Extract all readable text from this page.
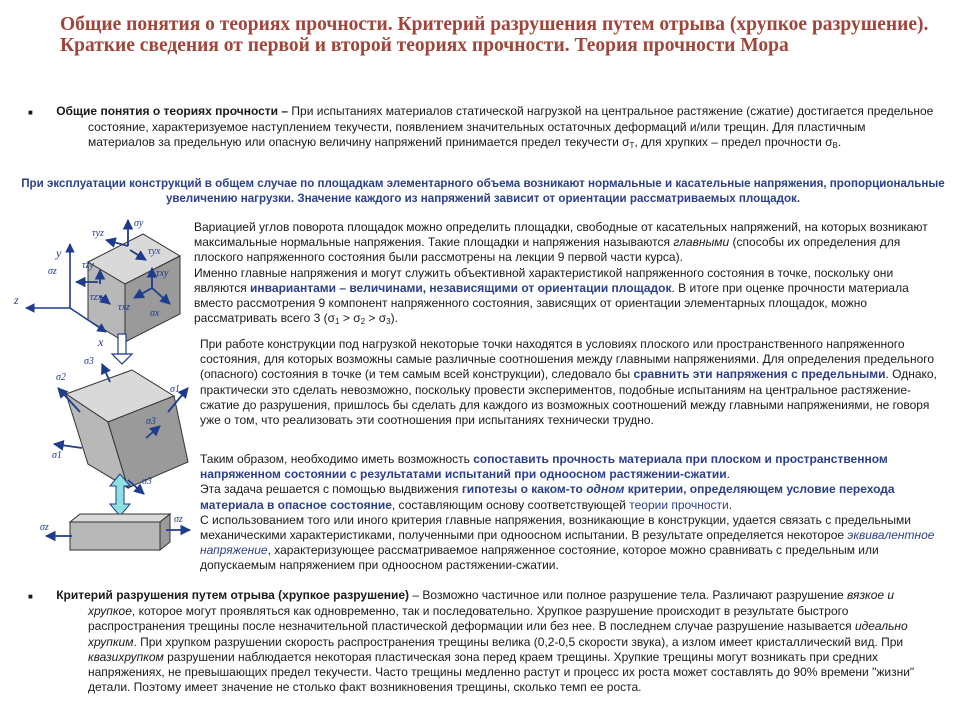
Общие понятия о теориях прочности. Критерий разрушения путем отрыва (хрупкое разрушение). Краткие сведения от первой и второй теориях прочности. Теория прочности Мора

■ Общие понятия о теориях прочности – При испытаниях материалов статической нагрузкой на центральное растяжение (сжатие) достигается предельное состояние, характеризуемое наступлением текучести, появлением значительных остаточных деформаций и/или трещин. Для пластичным материалов за предельную или опасную величину напряжений принимается предел текучести $\sigma_T$, для хрупких – предел прочности $\sigma_B$.

При эксплуатации конструкций в общем случае по площадкам элементарного объема возникают нормальные и касательные напряжения, пропорциональные увеличению нагрузки. Значение каждого из напряжений зависит от ориентации рассматриваемых площадок.

Вариацией углов поворота площадок можно определить площадки, свободные от касательных напряжений, на которых возникают максимальные нормальные напряжения. Такие площадки и напряжения называются главными (способы их определения для плоского напряженного состояния были рассмотрены на лекции 9 первой части курса).

Именно главные напряжения и могут служить объективной характеристикой напряженного состояния в точке, поскольку они являются инвариантами – величинами, независящими от ориентации площадок. В итоге при оценке прочности материала вместо рассмотрения 9 компонент напряженного состояния, зависящих от ориентации элементарных площадок, можно рассматривать всего 3 $(\sigma_1 > \sigma_2 > \sigma_3)$.

При работе конструкции под нагрузкой некоторые точки находятся в условиях плоского или пространственного напряженного состояния, для которых возможны самые различные соотношения между главными напряжениями. Для определения предельного (опасного) состояния в точке (и тем самым всей конструкции), следовало бы сравнить эти напряжения с предельными. Однако, практически это сделать невозможно, поскольку провести экспериментов, подобные испытаниям на центральное растяжение-сжатие до разрушения, пришлось бы сделать для каждого из возможных соотношений между главными напряжениями, не говоря уже о том, что реализовать эти соотношения при испытаниях технически трудно.

Таким образом, необходимо иметь возможность сопоставить прочность материала при плоском и пространственном напряженном состоянии с результатами испытаний при одноосном растяжении-сжатии.

Эта задача решается с помощью выдвижения гипотезы о каком-то одном критерии, определяющем условие перехода материала в опасное состояние, составляющим основу соответствующей теории прочности.

С использованием того или иного критерия главные напряжения, возникающие в конструкции, удается связать с предельными механическими характеристиками, полученными при одноосном испытании. В результате определяется некоторое эквивалентное напряжение, характеризующее рассматриваемое напряженное состояние, которое можно сравнивать с предельным или допускаемым напряжением при одноосном растяжении-сжатии.

■ Критерий разрушения путем отрыва (хрупкое разрушение) – Возможно частичное или полное разрушение тела. Различают разрушение вязкое и хрупкое, которое могут проявляться как одновременно, так и последовательно. Хрупкое разрушение происходит в результате быстрого распространения трещины после незначительной пластической деформации или без нее. В последнем случае разрушение называется идеально хрупким. При хрупком разрушении скорость распространения трещины велика (0,2-0,5 скорости звука), а излом имеет кристаллический вид. При квазихрупком разрушении наблюдается некоторая пластическая зона перед краем трещины. Хрупкие трещины могут возникать при средних напряжениях, не превышающих предел текучести. Часто трещины медленно растут и процесс их роста может составлять до 90% времени "жизни" детали. Поэтому имеет значение не столько факт возникновения трещины, сколько темп ее роста.

y
z
x
σy
τyz
τyx
τxy
σz
τzy
τzx
τxz
σx
σ3
σ2
σ1
σ3
σ1
σ3
σz
σz
